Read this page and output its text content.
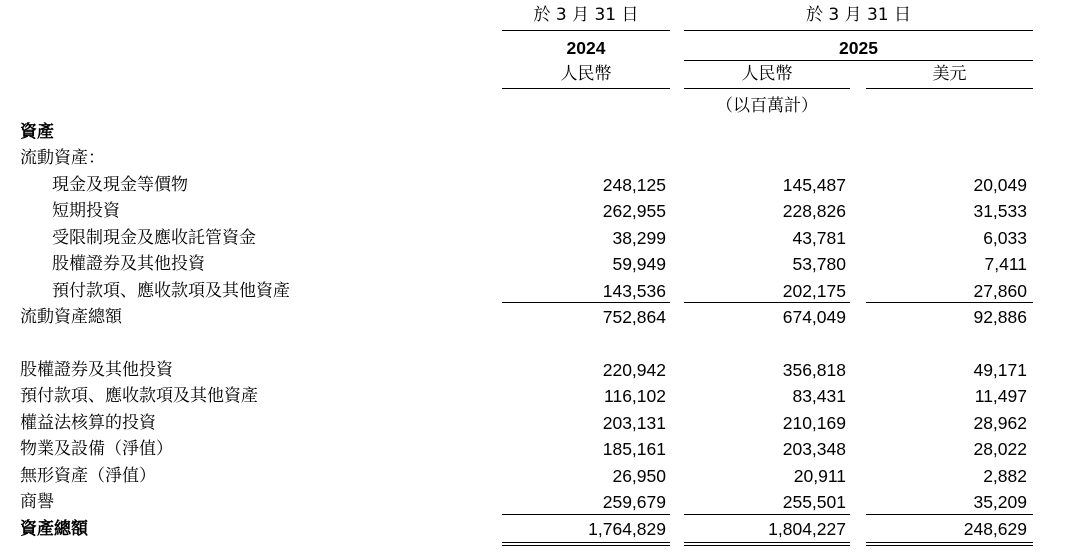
於 3 月 31 日	於 3 月 31 日
2024	2025
人民幣	人民幣	美元
（以百萬計）
資產
流動資產：
現金及現金等價物	248,125	145,487	20,049
短期投資	262,955	228,826	31,533
受限制現金及應收託管資金	38,299	43,781	6,033
股權證券及其他投資	59,949	53,780	7,411
預付款項、應收款項及其他資產	143,536	202,175	27,860
流動資產總額	752,864	674,049	92,886
股權證券及其他投資	220,942	356,818	49,171
預付款項、應收款項及其他資產	116,102	83,431	11,497
權益法核算的投資	203,131	210,169	28,962
物業及設備（淨值）	185,161	203,348	28,022
無形資產（淨值）	26,950	20,911	2,882
商譽	259,679	255,501	35,209
資產總額	1,764,829	1,804,227	248,629
